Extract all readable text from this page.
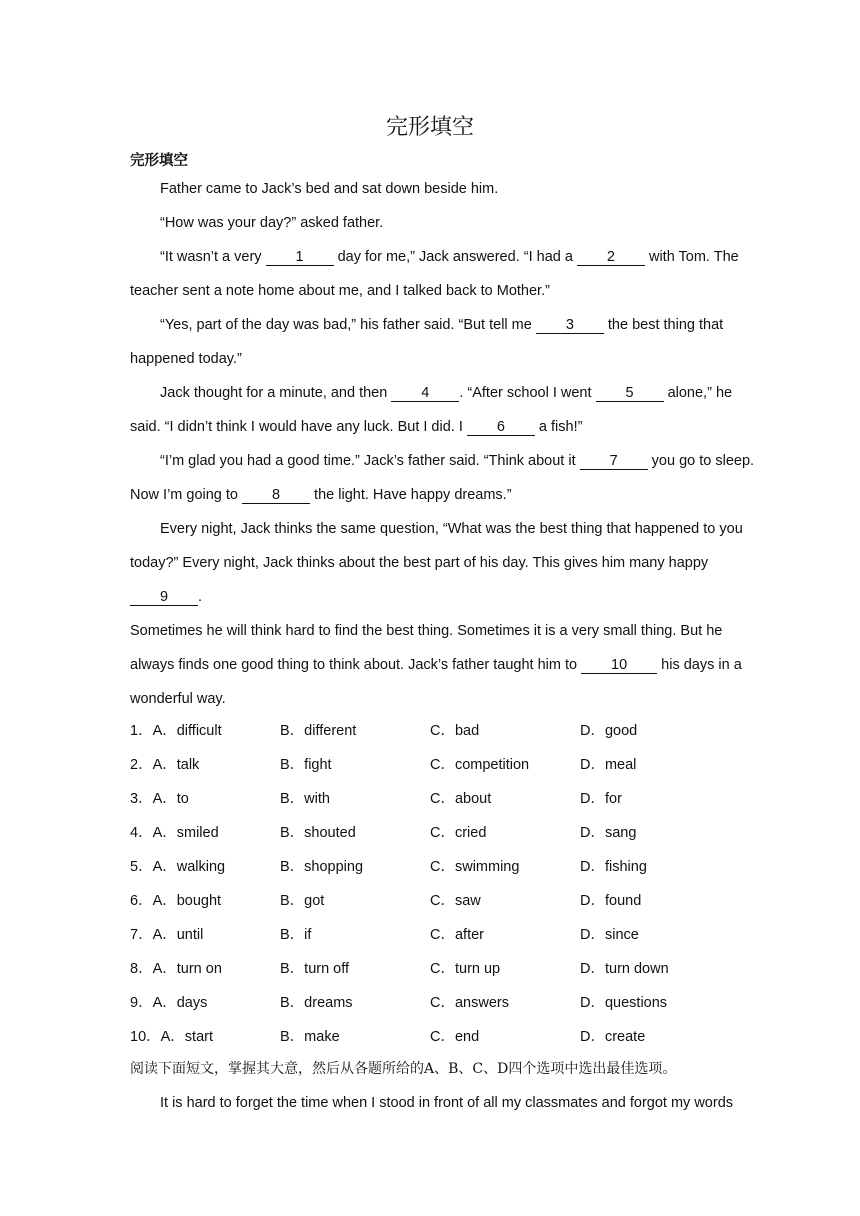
完形填空
完形填空
Father came to Jack’s bed and sat down beside him.
“How was your day?” asked father.
“It wasn’t a very 1 day for me,” Jack answered. “I had a 2 with Tom. The
teacher sent a note home about me, and I talked back to Mother.”
“Yes, part of the day was bad,” his father said. “But tell me 3 the best thing that
happened today.”
Jack thought for a minute, and then 4 . “After school I went 5 alone,” he
said. “I didn’t think I would have any luck. But I did. I 6 a fish!”
“I’m glad you had a good time.” Jack’s father said. “Think about it 7 you go to sleep.
Now I’m going to 8 the light. Have happy dreams.”
Every night, Jack thinks the same question, “What was the best thing that happened to you
today?” Every night, Jack thinks about the best part of his day. This gives him many happy
9 .
Sometimes he will think hard to find the best thing. Sometimes it is a very small thing. But he
always finds one good thing to think about. Jack’s father taught him to 10 his days in a
wonderful way.
1．A．difficult	B．different	C．bad	D．good
2．A．talk	B．fight	C．competition	D．meal
3．A．to	B．with	C．about	D．for
4．A．smiled	B．shouted	C．cried	D．sang
5．A．walking	B．shopping	C．swimming	D．fishing
6．A．bought	B．got	C．saw	D．found
7．A．until	B．if	C．after	D．since
8．A．turn on	B．turn off	C．turn up	D．turn down
9．A．days	B．dreams	C．answers	D．questions
10．A．start	B．make	C．end	D．create
阅读下面短文，掌握其大意，然后从各题所给的A、B、C、D四个选项中选出最佳选项。
It is hard to forget the time when I stood in front of all my classmates and forgot my words
